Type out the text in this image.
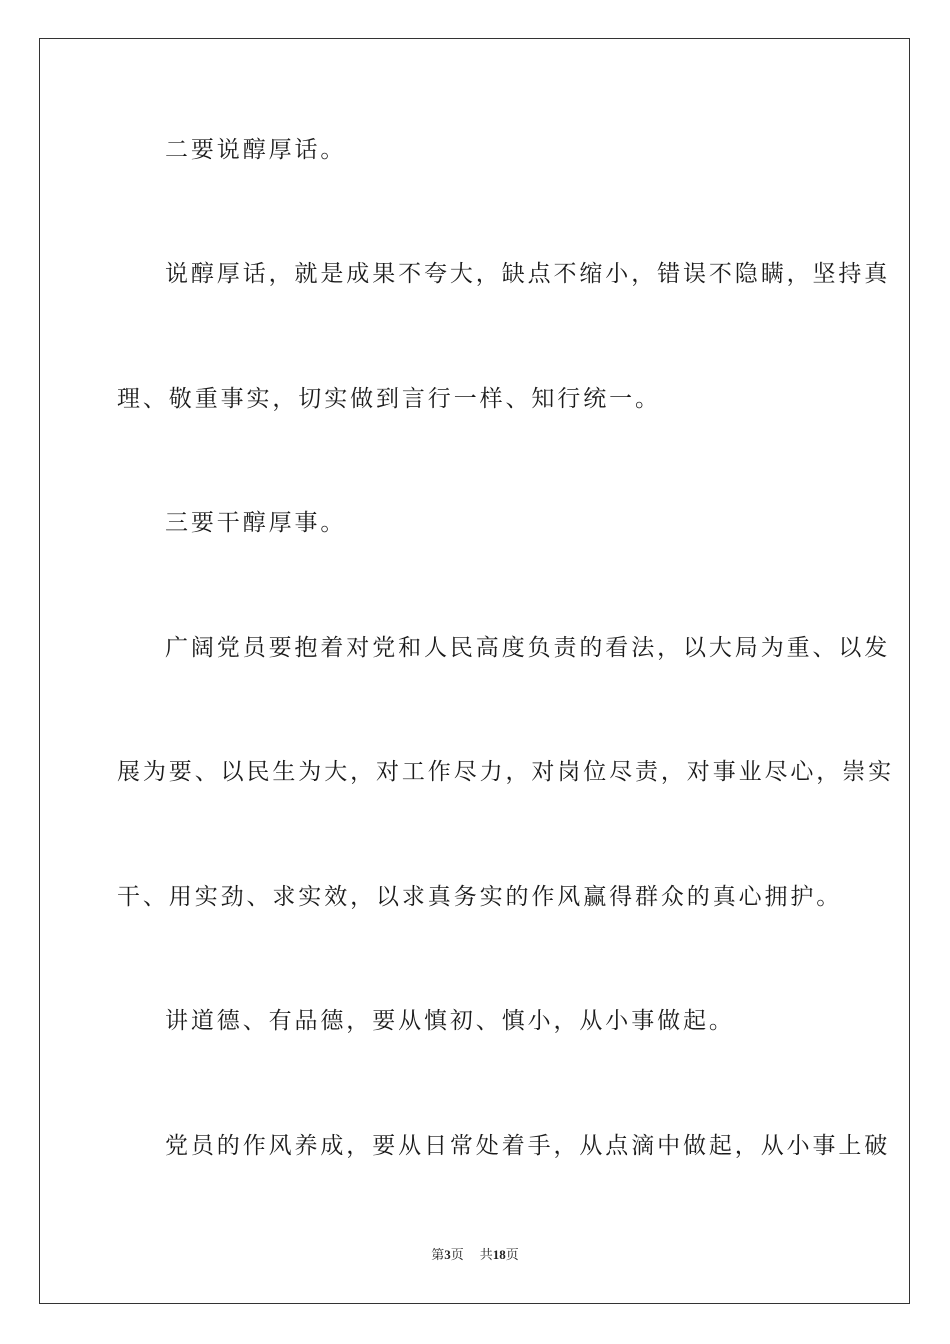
二要说醇厚话。
说醇厚话，就是成果不夸大，缺点不缩小，错误不隐瞒，坚持真
理、敬重事实，切实做到言行一样、知行统一。
三要干醇厚事。
广阔党员要抱着对党和人民高度负责的看法，以大局为重、以发
展为要、以民生为大，对工作尽力，对岗位尽责，对事业尽心，崇实
干、用实劲、求实效，以求真务实的作风赢得群众的真心拥护。
讲道德、有品德，要从慎初、慎小，从小事做起。
党员的作风养成，要从日常处着手，从点滴中做起，从小事上破
第3页 共18页
